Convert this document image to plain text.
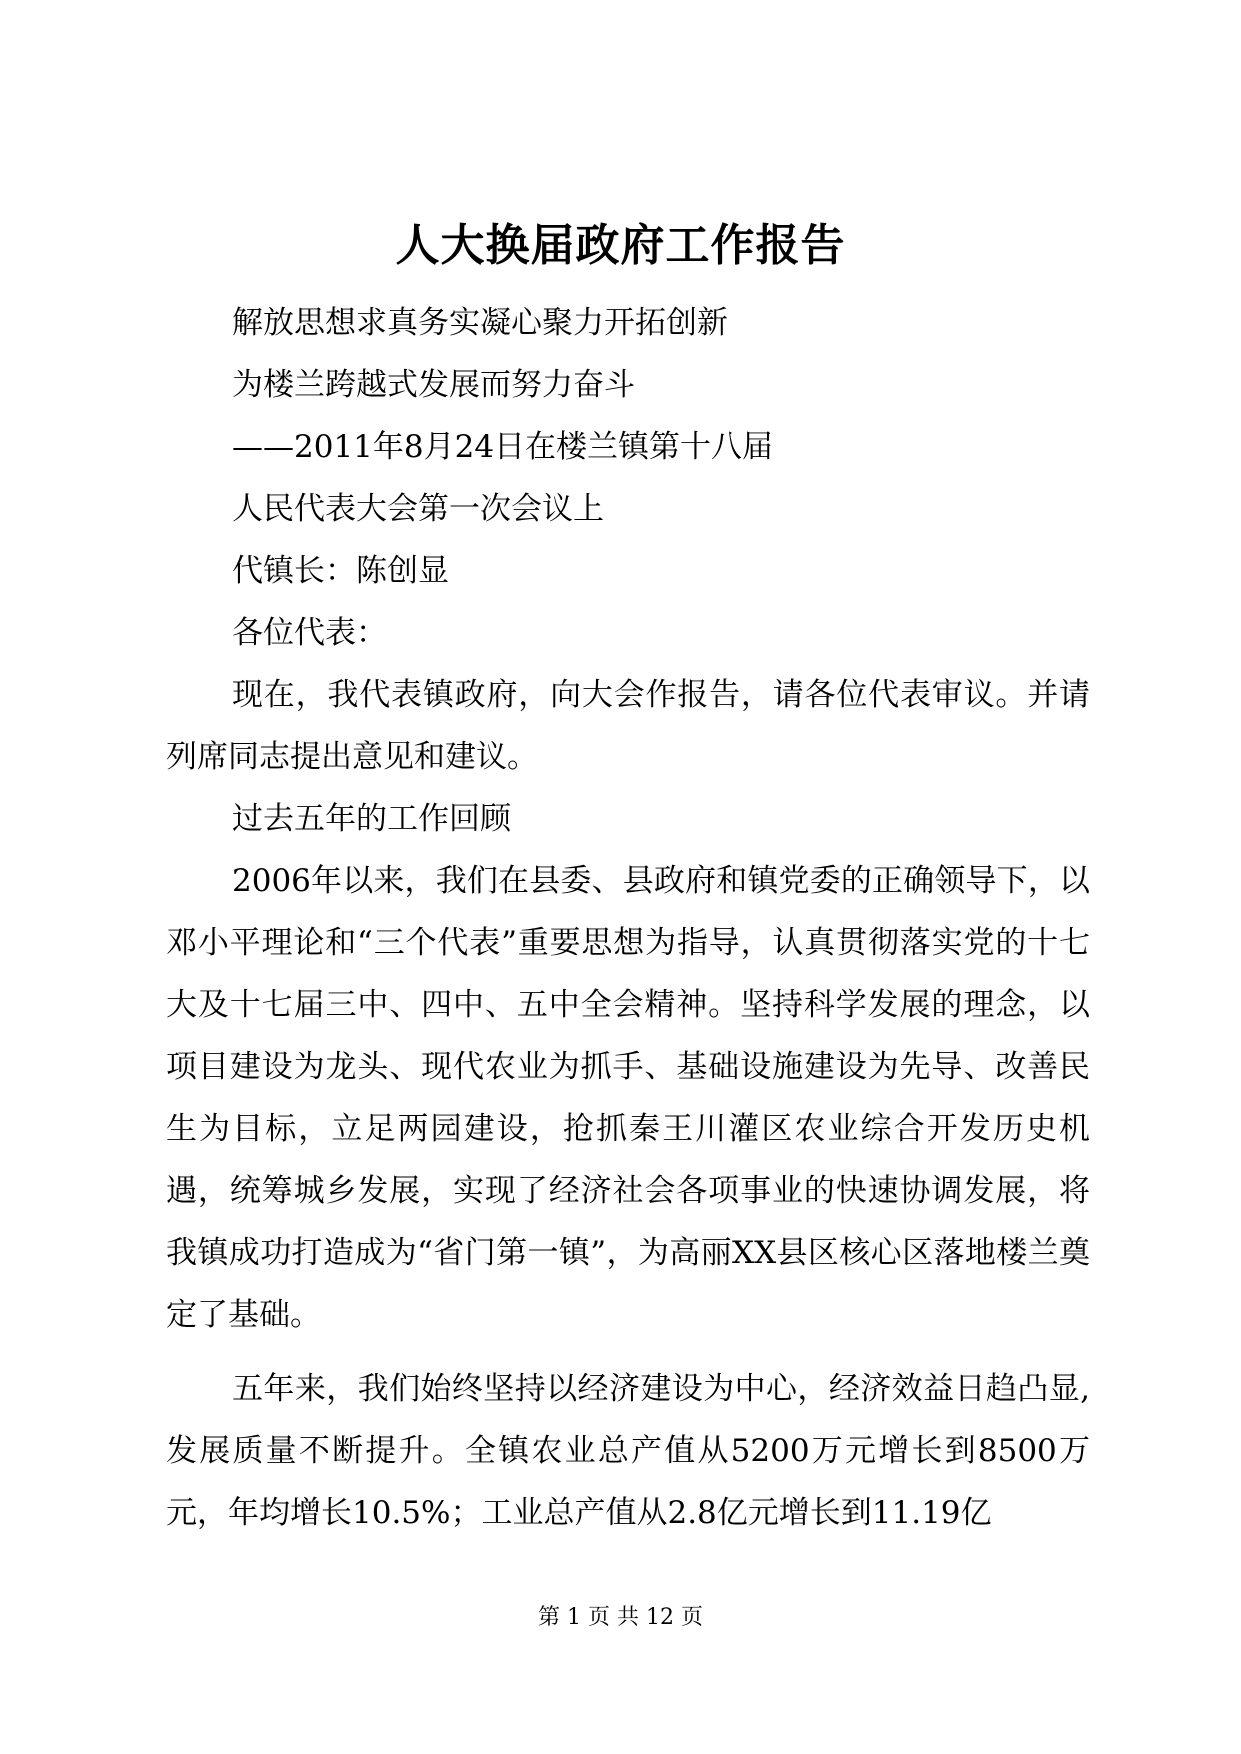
人大换届政府工作报告
解放思想求真务实凝心聚力开拓创新
为楼兰跨越式发展而努力奋斗
——2011年8月24日在楼兰镇第十八届
人民代表大会第一次会议上
代镇长：陈创显
各位代表：

现在，我代表镇政府，向大会作报告，请各位代表审议。并请列席同志提出意见和建议。

过去五年的工作回顾

2006年以来，我们在县委、县政府和镇党委的正确领导下，以邓小平理论和“三个代表”重要思想为指导，认真贯彻落实党的十七大及十七届三中、四中、五中全会精神。坚持科学发展的理念，以项目建设为龙头、现代农业为抓手、基础设施建设为先导、改善民生为目标，立足两园建设，抢抓秦王川灌区农业综合开发历史机遇，统筹城乡发展，实现了经济社会各项事业的快速协调发展，将我镇成功打造成为“省门第一镇”，为高丽XX县区核心区落地楼兰奠定了基础。

五年来，我们始终坚持以经济建设为中心，经济效益日趋凸显,发展质量不断提升。全镇农业总产值从5200万元增长到8500万元，年均增长10.5%；工业总产值从2.8亿元增长到11.19亿

第 1 页 共 12 页
